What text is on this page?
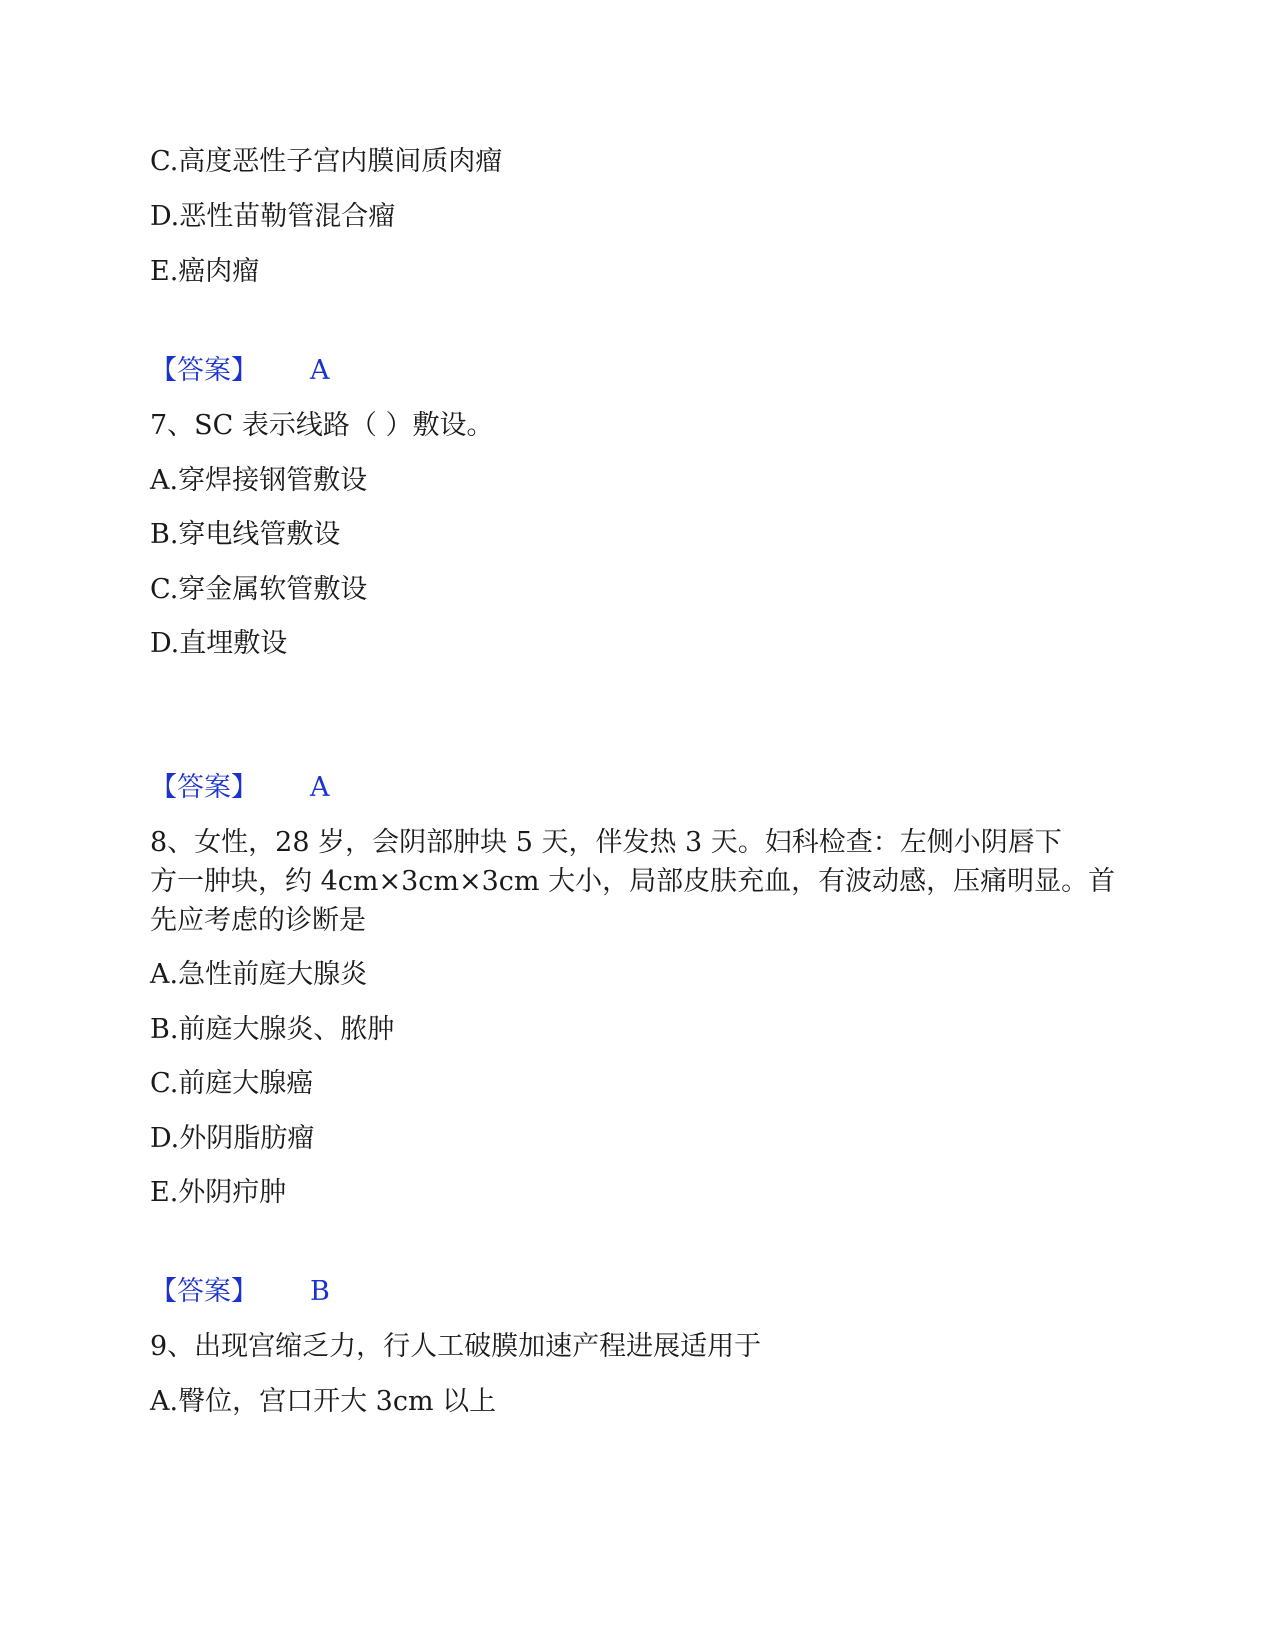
C.高度恶性子宫内膜间质肉瘤
D.恶性苗勒管混合瘤
E.癌肉瘤
【答案】 A
7、SC 表示线路（ ）敷设。
A.穿焊接钢管敷设
B.穿电线管敷设
C.穿金属软管敷设
D.直埋敷设
【答案】 A
8、女性，28 岁，会阴部肿块 5 天，伴发热 3 天。妇科检查：左侧小阴唇下
方一肿块，约 4cm×3cm×3cm 大小，局部皮肤充血，有波动感，压痛明显。首
先应考虑的诊断是
A.急性前庭大腺炎
B.前庭大腺炎、脓肿
C.前庭大腺癌
D.外阴脂肪瘤
E.外阴疖肿
【答案】 B
9、出现宫缩乏力，行人工破膜加速产程进展适用于
A.臀位，宫口开大 3cm 以上
